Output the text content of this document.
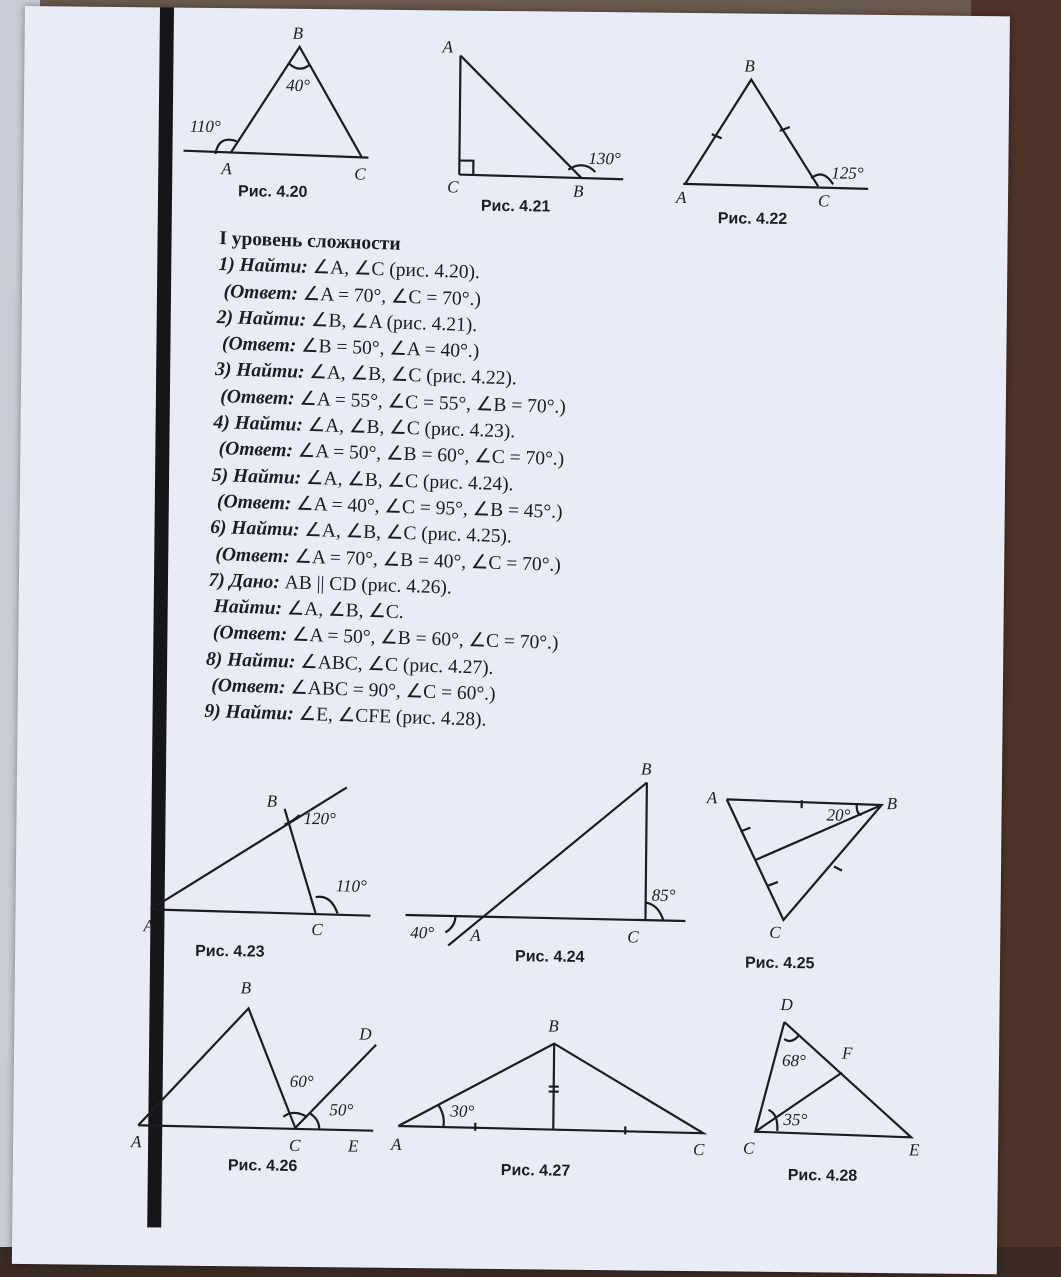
B
40°
110°
A	C
Рис. 4.20
A
C	B
130°
Рис. 4.21
B
A	C
125°
Рис. 4.22
B
A	C
120°
110°
Рис. 4.23
B
A	C
40°
85°
Рис. 4.24
A	B
C
20°
Рис. 4.25
B
D
A	C	E
60°
50°
Рис. 4.26
B
A	C
30°
Рис. 4.27
D
F
C	E
68°
35°
Рис. 4.28
I уровень сложности
1) Найти: ∠A, ∠C (рис. 4.20).
(Ответ: ∠A = 70°, ∠C = 70°.)
2) Найти: ∠B, ∠A (рис. 4.21).
(Ответ: ∠B = 50°, ∠A = 40°.)
3) Найти: ∠A, ∠B, ∠C (рис. 4.22).
(Ответ: ∠A = 55°, ∠C = 55°, ∠B = 70°.)
4) Найти: ∠A, ∠B, ∠C (рис. 4.23).
(Ответ: ∠A = 50°, ∠B = 60°, ∠C = 70°.)
5) Найти: ∠A, ∠B, ∠C (рис. 4.24).
(Ответ: ∠A = 40°, ∠C = 95°, ∠B = 45°.)
6) Найти: ∠A, ∠B, ∠C (рис. 4.25).
(Ответ: ∠A = 70°, ∠B = 40°, ∠C = 70°.)
7) Дано: AB || CD (рис. 4.26).
Найти: ∠A, ∠B, ∠C.
(Ответ: ∠A = 50°, ∠B = 60°, ∠C = 70°.)
8) Найти: ∠ABC, ∠C (рис. 4.27).
(Ответ: ∠ABC = 90°, ∠C = 60°.)
9) Найти: ∠E, ∠CFE (рис. 4.28).
